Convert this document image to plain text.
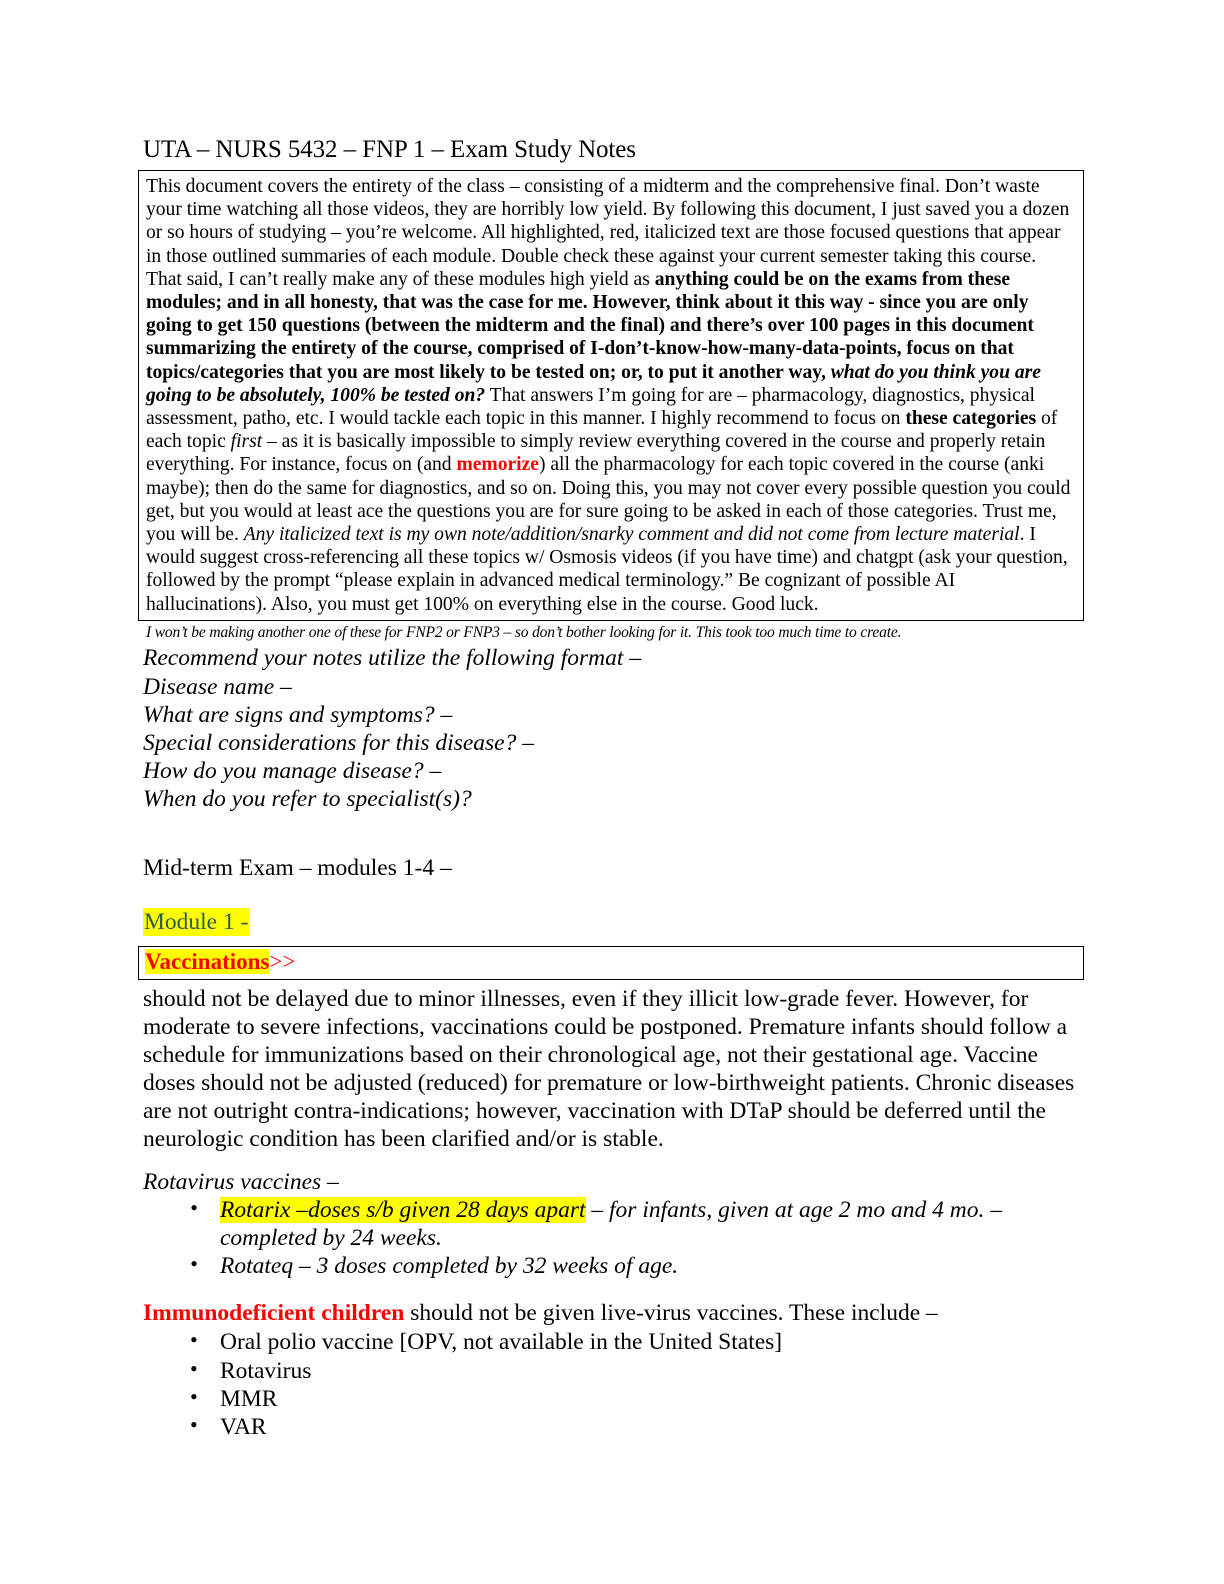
UTA – NURS 5432 – FNP 1 – Exam Study Notes

This document covers the entirety of the class – consisting of a midterm and the comprehensive final. Don’t waste your time watching all those videos, they are horribly low yield. By following this document, I just saved you a dozen or so hours of studying – you’re welcome. All highlighted, red, italicized text are those focused questions that appear in those outlined summaries of each module. Double check these against your current semester taking this course. That said, I can’t really make any of these modules high yield as anything could be on the exams from these modules; and in all honesty, that was the case for me. However, think about it this way - since you are only going to get 150 questions (between the midterm and the final) and there’s over 100 pages in this document summarizing the entirety of the course, comprised of I-don’t-know-how-many-data-points, focus on that topics/categories that you are most likely to be tested on; or, to put it another way, what do you think you are going to be absolutely, 100% be tested on? That answers I’m going for are – pharmacology, diagnostics, physical assessment, patho, etc. I would tackle each topic in this manner. I highly recommend to focus on these categories of each topic first – as it is basically impossible to simply review everything covered in the course and properly retain everything. For instance, focus on (and memorize) all the pharmacology for each topic covered in the course (anki maybe); then do the same for diagnostics, and so on. Doing this, you may not cover every possible question you could get, but you would at least ace the questions you are for sure going to be asked in each of those categories. Trust me, you will be. Any italicized text is my own note/addition/snarky comment and did not come from lecture material. I would suggest cross-referencing all these topics w/ Osmosis videos (if you have time) and chatgpt (ask your question, followed by the prompt “please explain in advanced medical terminology.” Be cognizant of possible AI hallucinations). Also, you must get 100% on everything else in the course. Good luck.

I won’t be making another one of these for FNP2 or FNP3 – so don’t bother looking for it. This took too much time to create.
Recommend your notes utilize the following format –
Disease name –
What are signs and symptoms? –
Special considerations for this disease? –
How do you manage disease? –
When do you refer to specialist(s)?
Mid-term Exam – modules 1-4 –
Module 1 -
Vaccinations>>
should not be delayed due to minor illnesses, even if they illicit low-grade fever. However, for moderate to severe infections, vaccinations could be postponed. Premature infants should follow a schedule for immunizations based on their chronological age, not their gestational age. Vaccine doses should not be adjusted (reduced) for premature or low-birthweight patients. Chronic diseases are not outright contra-indications; however, vaccination with DTaP should be deferred until the neurologic condition has been clarified and/or is stable.
Rotavirus vaccines –
• Rotarix –doses s/b given 28 days apart – for infants, given at age 2 mo and 4 mo. – completed by 24 weeks.
• Rotateq – 3 doses completed by 32 weeks of age.
Immunodeficient children should not be given live-virus vaccines. These include –
• Oral polio vaccine [OPV, not available in the United States]
• Rotavirus
• MMR
• VAR
